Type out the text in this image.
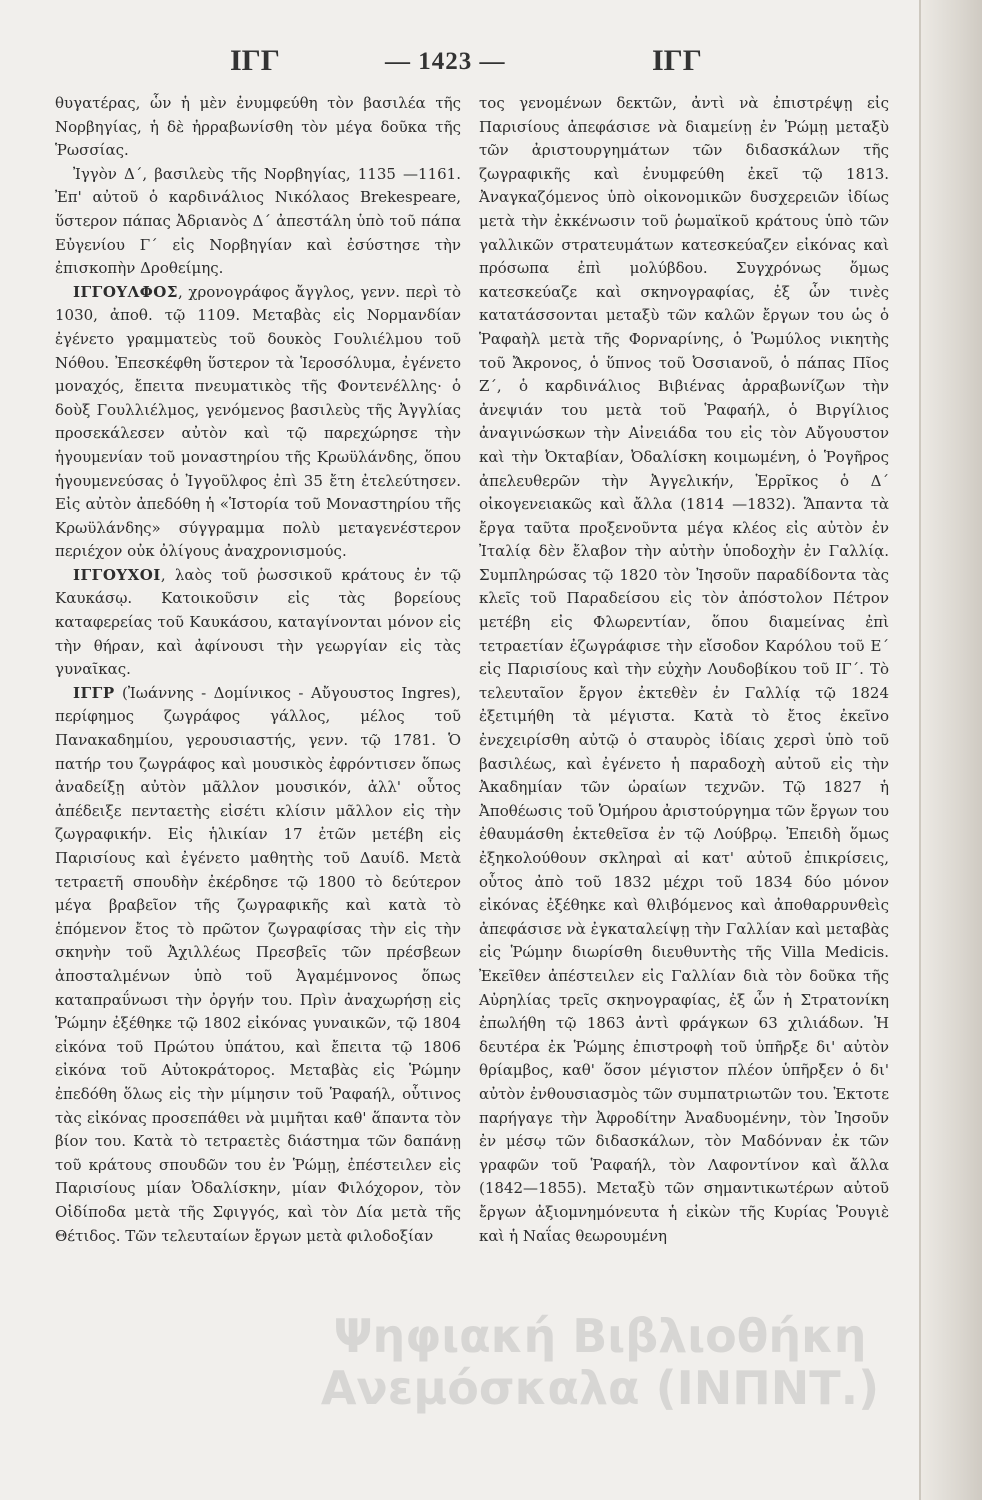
ΙΓΓ	— 1423 —	ΙΓΓ

θυγατέρας, ὧν ἡ μὲν ἐνυμφεύθη τὸν βασιλέα τῆς Νορβηγίας, ἡ δὲ ἠρραβωνίσθη τὸν μέγα δοῦκα τῆς Ῥωσσίας.

Ἰγγὸν Δ΄, βασιλεὺς τῆς Νορβηγίας, 1135 —1161. Ἐπ' αὐτοῦ ὁ καρδινάλιος Νικόλαος Brekespeare, ὕστερον πάπας Ἀδριανὸς Δ΄ ἀπεστάλη ὑπὸ τοῦ πάπα Εὐγενίου Γ΄ εἰς Νορβηγίαν καὶ ἐσύστησε τὴν ἐπισκοπὴν Δροθείμης.

ΙΓΓΟΥΛΦΟΣ, χρονογράφος ἄγγλος, γενν. περὶ τὸ 1030, ἀποθ. τῷ 1109. Μεταβὰς εἰς Νορμανδίαν ἐγένετο γραμματεὺς τοῦ δουκὸς Γουλιέλμου τοῦ Νόθου. Ἐπεσκέφθη ὕστερον τὰ Ἱεροσόλυμα, ἐγένετο μοναχός, ἔπειτα πνευματικὸς τῆς Φοντενέλλης· ὁ δοὺξ Γουλλιέλμος, γενόμενος βασιλεὺς τῆς Ἀγγλίας προσεκάλεσεν αὐτὸν καὶ τῷ παρεχώρησε τὴν ἡγουμενίαν τοῦ μοναστηρίου τῆς Κρωϋλάνδης, ὅπου ἡγουμενεύσας ὁ Ἰγγοῦλφος ἐπὶ 35 ἔτη ἐτελεύτησεν. Εἰς αὐτὸν ἀπεδόθη ἡ «Ἱστορία τοῦ Μοναστηρίου τῆς Κρωϋλάνδης» σύγγραμμα πολὺ μεταγενέστερον περιέχον οὐκ ὀλίγους ἀναχρονισμούς.

ΙΓΓΟΥΧΟΙ, λαὸς τοῦ ῥωσσικοῦ κράτους ἐν τῷ Καυκάσῳ. Κατοικοῦσιν εἰς τὰς βορείους καταφερείας τοῦ Καυκάσου, καταγίνονται μόνον εἰς τὴν θήραν, καὶ ἀφίνουσι τὴν γεωργίαν εἰς τὰς γυναῖκας.

ΙΓΓΡ (Ἰωάννης - Δομίνικος - Αὔγουστος Ingres), περίφημος ζωγράφος γάλλος, μέλος τοῦ Πανακαδημίου, γερουσιαστής, γενν. τῷ 1781. Ὁ πατήρ του ζωγράφος καὶ μουσικὸς ἐφρόντισεν ὅπως ἀναδείξῃ αὐτὸν μᾶλλον μουσικόν, ἀλλ' οὗτος ἀπέδειξε πενταετὴς εἰσέτι κλίσιν μᾶλλον εἰς τὴν ζωγραφικήν. Εἰς ἡλικίαν 17 ἐτῶν μετέβη εἰς Παρισίους καὶ ἐγένετο μαθητὴς τοῦ Δαυίδ. Μετὰ τετραετῆ σπουδὴν ἐκέρδησε τῷ 1800 τὸ δεύτερον μέγα βραβεῖον τῆς ζωγραφικῆς καὶ κατὰ τὸ ἑπόμενον ἔτος τὸ πρῶτον ζωγραφίσας τὴν εἰς τὴν σκηνὴν τοῦ Ἀχιλλέως Πρεσβεῖς τῶν πρέσβεων ἀποσταλμένων ὑπὸ τοῦ Ἀγαμέμνονος ὅπως καταπραΰνωσι τὴν ὀργήν του. Πρὶν ἀναχωρήσῃ εἰς Ῥώμην ἐξέθηκε τῷ 1802 εἰκόνας γυναικῶν, τῷ 1804 εἰκόνα τοῦ Πρώτου ὑπάτου, καὶ ἔπειτα τῷ 1806 εἰκόνα τοῦ Αὐτοκράτορος. Μεταβὰς εἰς Ῥώμην ἐπεδόθη ὅλως εἰς τὴν μίμησιν τοῦ Ῥαφαήλ, οὗτινος τὰς εἰκόνας προσεπάθει νὰ μιμῆται καθ' ἅπαντα τὸν βίον του. Κατὰ τὸ τετραετὲς διάστημα τῶν δαπάνῃ τοῦ κράτους σπουδῶν του ἐν Ῥώμῃ, ἐπέστειλεν εἰς Παρισίους μίαν Ὀδαλίσκην, μίαν Φιλόχορον, τὸν Οἰδίποδα μετὰ τῆς Σφιγγός, καὶ τὸν Δία μετὰ τῆς Θέτιδος. Τῶν τελευταίων ἔργων μετὰ φιλοδοξίαν

τος γενομένων δεκτῶν, ἀντὶ νὰ ἐπιστρέψῃ εἰς Παρισίους ἀπεφάσισε νὰ διαμείνῃ ἐν Ῥώμῃ μεταξὺ τῶν ἀριστουργημάτων τῶν διδασκάλων τῆς ζωγραφικῆς καὶ ἐνυμφεύθη ἐκεῖ τῷ 1813. Ἀναγκαζόμενος ὑπὸ οἰκονομικῶν δυσχερειῶν ἰδίως μετὰ τὴν ἐκκένωσιν τοῦ ῥωμαϊκοῦ κράτους ὑπὸ τῶν γαλλικῶν στρατευμάτων κατεσκεύαζεν εἰκόνας καὶ πρόσωπα ἐπὶ μολύβδου. Συγχρόνως ὅμως κατεσκεύαζε καὶ σκηνογραφίας, ἐξ ὧν τινὲς κατατάσσονται μεταξὺ τῶν καλῶν ἔργων του ὡς ὁ Ῥαφαὴλ μετὰ τῆς Φορναρίνης, ὁ Ῥωμύλος νικητὴς τοῦ Ἄκρονος, ὁ ὕπνος τοῦ Ὀσσιανοῦ, ὁ πάπας Πῖος Ζ΄, ὁ καρδινάλιος Βιβιένας ἀρραβωνίζων τὴν ἀνεψιάν του μετὰ τοῦ Ῥαφαήλ, ὁ Βιργίλιος ἀναγινώσκων τὴν Αἰνειάδα του εἰς τὸν Αὔγουστον καὶ τὴν Ὀκταβίαν, Ὀδαλίσκη κοιμωμένη, ὁ Ῥογῆρος ἀπελευθερῶν τὴν Ἀγγελικήν, Ἑρρῖκος ὁ Δ΄ οἰκογενειακῶς καὶ ἄλλα (1814 —1832). Ἅπαντα τὰ ἔργα ταῦτα προξενοῦντα μέγα κλέος εἰς αὐτὸν ἐν Ἰταλίᾳ δὲν ἔλαβον τὴν αὐτὴν ὑποδοχὴν ἐν Γαλλίᾳ. Συμπληρώσας τῷ 1820 τὸν Ἰησοῦν παραδίδοντα τὰς κλεῖς τοῦ Παραδείσου εἰς τὸν ἀπόστολον Πέτρον μετέβη εἰς Φλωρεντίαν, ὅπου διαμείνας ἐπὶ τετραετίαν ἐζωγράφισε τὴν εἴσοδον Καρόλου τοῦ Ε΄ εἰς Παρισίους καὶ τὴν εὐχὴν Λουδοβίκου τοῦ ΙΓ΄. Τὸ τελευταῖον ἔργον ἐκτεθὲν ἐν Γαλλίᾳ τῷ 1824 ἐξετιμήθη τὰ μέγιστα. Κατὰ τὸ ἔτος ἐκεῖνο ἐνεχειρίσθη αὐτῷ ὁ σταυρὸς ἰδίαις χερσὶ ὑπὸ τοῦ βασιλέως, καὶ ἐγένετο ἡ παραδοχὴ αὐτοῦ εἰς τὴν Ἀκαδημίαν τῶν ὡραίων τεχνῶν. Τῷ 1827 ἡ Ἀποθέωσις τοῦ Ὁμήρου ἀριστούργημα τῶν ἔργων του ἐθαυμάσθη ἐκτεθεῖσα ἐν τῷ Λούβρῳ. Ἐπειδὴ ὅμως ἐξηκολούθουν σκληραὶ αἱ κατ' αὐτοῦ ἐπικρίσεις, οὗτος ἀπὸ τοῦ 1832 μέχρι τοῦ 1834 δύο μόνον εἰκόνας ἐξέθηκε καὶ θλιβόμενος καὶ ἀποθαρρυνθεὶς ἀπεφάσισε νὰ ἐγκαταλείψῃ τὴν Γαλλίαν καὶ μεταβὰς εἰς Ῥώμην διωρίσθη διευθυντὴς τῆς Villa Medicis. Ἐκεῖθεν ἀπέστειλεν εἰς Γαλλίαν διὰ τὸν δοῦκα τῆς Αὐρηλίας τρεῖς σκηνογραφίας, ἐξ ὧν ἡ Στρατονίκη ἐπωλήθη τῷ 1863 ἀντὶ φράγκων 63 χιλιάδων. Ἡ δευτέρα ἐκ Ῥώμης ἐπιστροφὴ τοῦ ὑπῆρξε δι' αὐτὸν θρίαμβος, καθ' ὅσον μέγιστον πλέον ὑπῆρξεν ὁ δι' αὐτὸν ἐνθουσιασμὸς τῶν συμπατριωτῶν του. Ἐκτοτε παρήγαγε τὴν Ἀφροδίτην Ἀναδυομένην, τὸν Ἰησοῦν ἐν μέσῳ τῶν διδασκάλων, τὸν Μαδόνναν ἐκ τῶν γραφῶν τοῦ Ῥαφαήλ, τὸν Λαφοντίνον καὶ ἄλλα (1842—1855). Μεταξὺ τῶν σημαντικωτέρων αὐτοῦ ἔργων ἀξιομνημόνευτα ἡ εἰκὼν τῆς Κυρίας Ῥουγιὲ καὶ ἡ Ναΐας θεωρουμένη

Ψηφιακή Βιβλιοθήκη
Ανεμόσκαλα (ΙΝΠΝΤ.)
